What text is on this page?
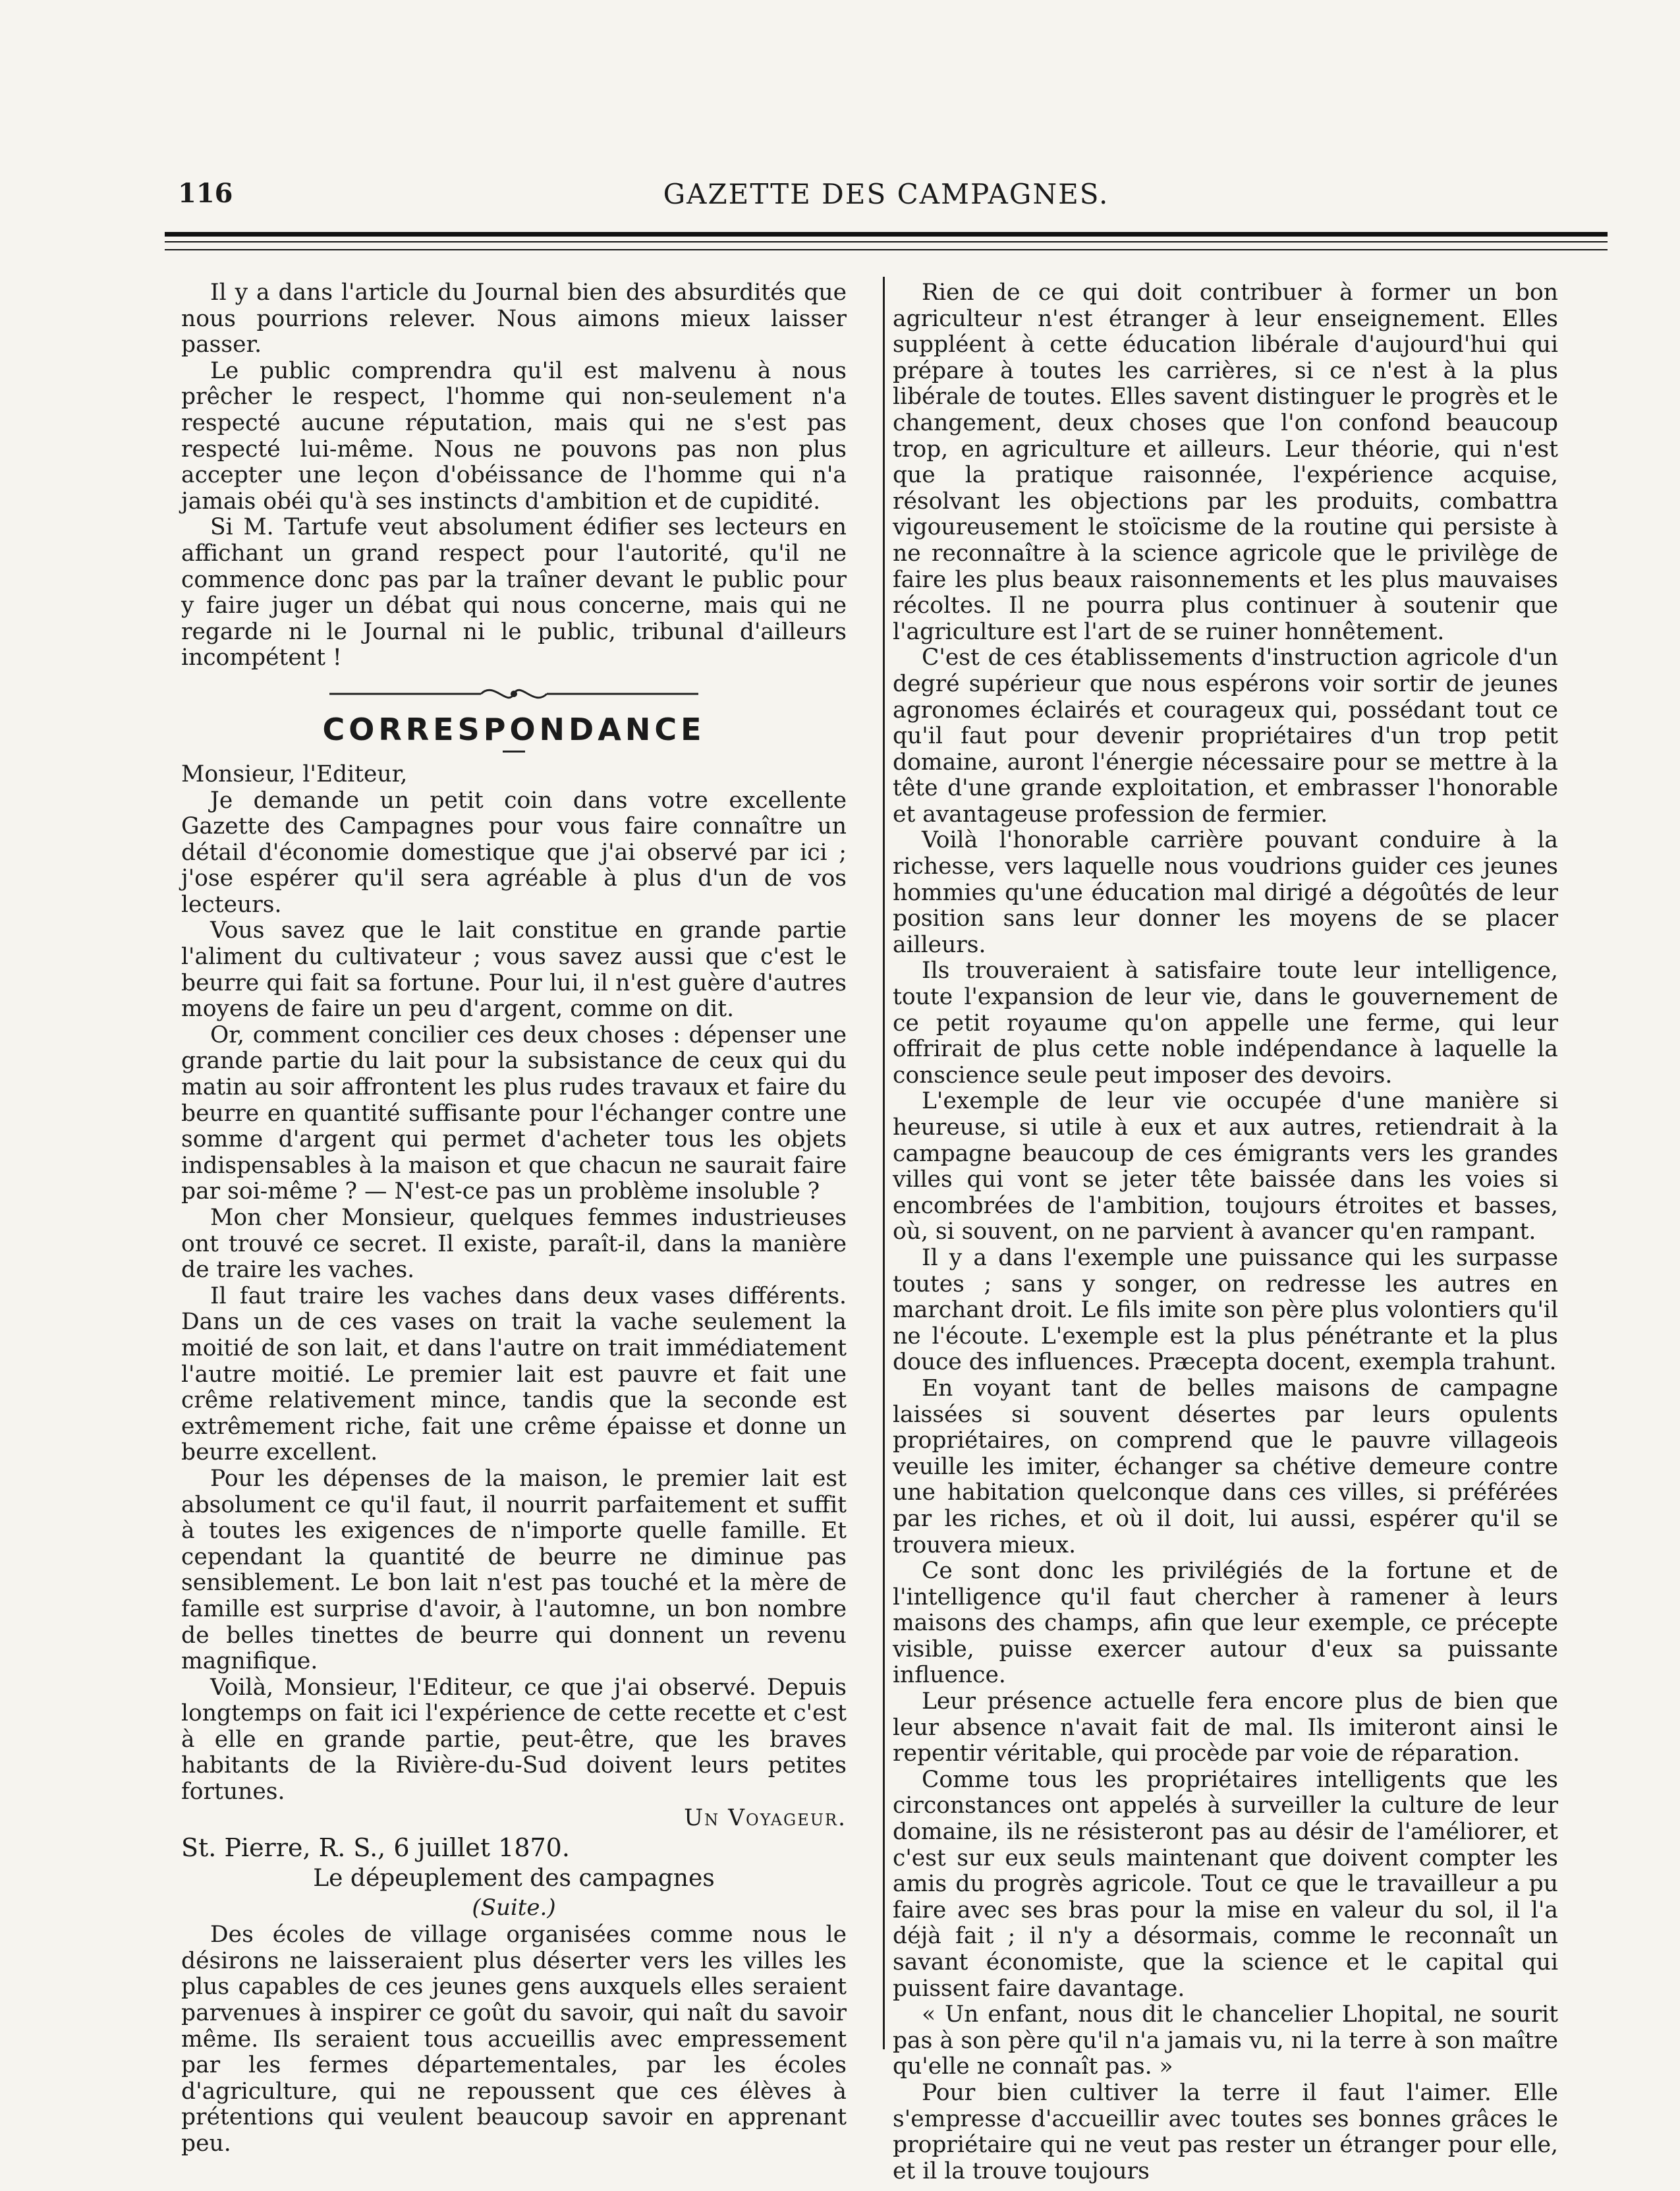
116	GAZETTE DES CAMPAGNES.

Il y a dans l'article du Journal bien des absurdités que nous pourrions relever. Nous aimons mieux laisser passer.

Le public comprendra qu'il est malvenu à nous prêcher le respect, l'homme qui non-seulement n'a respecté aucune réputation, mais qui ne s'est pas respecté lui-même. Nous ne pouvons pas non plus accepter une leçon d'obéissance de l'homme qui n'a jamais obéi qu'à ses instincts d'ambition et de cupidité.

Si M. Tartufe veut absolument édifier ses lecteurs en affichant un grand respect pour l'autorité, qu'il ne commence donc pas par la traîner devant le public pour y faire juger un débat qui nous concerne, mais qui ne regarde ni le Journal ni le public, tribunal d'ailleurs incompétent !

CORRESPONDANCE

Monsieur, l'Editeur,

Je demande un petit coin dans votre excellente Gazette des Campagnes pour vous faire connaître un détail d'économie domestique que j'ai observé par ici ; j'ose espérer qu'il sera agréable à plus d'un de vos lecteurs.

Vous savez que le lait constitue en grande partie l'aliment du cultivateur ; vous savez aussi que c'est le beurre qui fait sa fortune. Pour lui, il n'est guère d'autres moyens de faire un peu d'argent, comme on dit.

Or, comment concilier ces deux choses : dépenser une grande partie du lait pour la subsistance de ceux qui du matin au soir affrontent les plus rudes travaux et faire du beurre en quantité suffisante pour l'échanger contre une somme d'argent qui permet d'acheter tous les objets indispensables à la maison et que chacun ne saurait faire par soi-même ? — N'est-ce pas un problème insoluble ?

Mon cher Monsieur, quelques femmes industrieuses ont trouvé ce secret. Il existe, paraît-il, dans la manière de traire les vaches.

Il faut traire les vaches dans deux vases différents. Dans un de ces vases on trait la vache seulement la moitié de son lait, et dans l'autre on trait immédiatement l'autre moitié. Le premier lait est pauvre et fait une crême relativement mince, tandis que la seconde est extrêmement riche, fait une crême épaisse et donne un beurre excellent.

Pour les dépenses de la maison, le premier lait est absolument ce qu'il faut, il nourrit parfaitement et suffit à toutes les exigences de n'importe quelle famille. Et cependant la quantité de beurre ne diminue pas sensiblement. Le bon lait n'est pas touché et la mère de famille est surprise d'avoir, à l'automne, un bon nombre de belles tinettes de beurre qui donnent un revenu magnifique.

Voilà, Monsieur, l'Editeur, ce que j'ai observé. Depuis longtemps on fait ici l'expérience de cette recette et c'est à elle en grande partie, peut-être, que les braves habitants de la Rivière-du-Sud doivent leurs petites fortunes.

Un Voyageur.

St. Pierre, R. S., 6 juillet 1870.

Le dépeuplement des campagnes

(Suite.)

Des écoles de village organisées comme nous le désirons ne laisseraient plus déserter vers les villes les plus capables de ces jeunes gens auxquels elles seraient parvenues à inspirer ce goût du savoir, qui naît du savoir même. Ils seraient tous accueillis avec empressement par les fermes départementales, par les écoles d'agriculture, qui ne repoussent que ces élèves à prétentions qui veulent beaucoup savoir en apprenant peu.

Rien de ce qui doit contribuer à former un bon agriculteur n'est étranger à leur enseignement. Elles suppléent à cette éducation libérale d'aujourd'hui qui prépare à toutes les carrières, si ce n'est à la plus libérale de toutes. Elles savent distinguer le progrès et le changement, deux choses que l'on confond beaucoup trop, en agriculture et ailleurs. Leur théorie, qui n'est que la pratique raisonnée, l'expérience acquise, résolvant les objections par les produits, combattra vigoureusement le stoïcisme de la routine qui persiste à ne reconnaître à la science agricole que le privilège de faire les plus beaux raisonnements et les plus mauvaises récoltes. Il ne pourra plus continuer à soutenir que l'agriculture est l'art de se ruiner honnêtement.

C'est de ces établissements d'instruction agricole d'un degré supérieur que nous espérons voir sortir de jeunes agronomes éclairés et courageux qui, possédant tout ce qu'il faut pour devenir propriétaires d'un trop petit domaine, auront l'énergie nécessaire pour se mettre à la tête d'une grande exploitation, et embrasser l'honorable et avantageuse profession de fermier.

Voilà l'honorable carrière pouvant conduire à la richesse, vers laquelle nous voudrions guider ces jeunes hommies qu'une éducation mal dirigé a dégoûtés de leur position sans leur donner les moyens de se placer ailleurs.

Ils trouveraient à satisfaire toute leur intelligence, toute l'expansion de leur vie, dans le gouvernement de ce petit royaume qu'on appelle une ferme, qui leur offrirait de plus cette noble indépendance à laquelle la conscience seule peut imposer des devoirs.

L'exemple de leur vie occupée d'une manière si heureuse, si utile à eux et aux autres, retiendrait à la campagne beaucoup de ces émigrants vers les grandes villes qui vont se jeter tête baissée dans les voies si encombrées de l'ambition, toujours étroites et basses, où, si souvent, on ne parvient à avancer qu'en rampant.

Il y a dans l'exemple une puissance qui les surpasse toutes ; sans y songer, on redresse les autres en marchant droit. Le fils imite son père plus volontiers qu'il ne l'écoute. L'exemple est la plus pénétrante et la plus douce des influences. Præcepta docent, exempla trahunt.

En voyant tant de belles maisons de campagne laissées si souvent désertes par leurs opulents propriétaires, on comprend que le pauvre villageois veuille les imiter, échanger sa chétive demeure contre une habitation quelconque dans ces villes, si préférées par les riches, et où il doit, lui aussi, espérer qu'il se trouvera mieux.

Ce sont donc les privilégiés de la fortune et de l'intelligence qu'il faut chercher à ramener à leurs maisons des champs, afin que leur exemple, ce précepte visible, puisse exercer autour d'eux sa puissante influence.

Leur présence actuelle fera encore plus de bien que leur absence n'avait fait de mal. Ils imiteront ainsi le repentir véritable, qui procède par voie de réparation.

Comme tous les propriétaires intelligents que les circonstances ont appelés à surveiller la culture de leur domaine, ils ne résisteront pas au désir de l'améliorer, et c'est sur eux seuls maintenant que doivent compter les amis du progrès agricole. Tout ce que le travailleur a pu faire avec ses bras pour la mise en valeur du sol, il l'a déjà fait ; il n'y a désormais, comme le reconnaît un savant économiste, que la science et le capital qui puissent faire davantage.

« Un enfant, nous dit le chancelier Lhopital, ne sourit pas à son père qu'il n'a jamais vu, ni la terre à son maître qu'elle ne connaît pas. »

Pour bien cultiver la terre il faut l'aimer. Elle s'empresse d'accueillir avec toutes ses bonnes grâces le propriétaire qui ne veut pas rester un étranger pour elle, et il la trouve toujours
